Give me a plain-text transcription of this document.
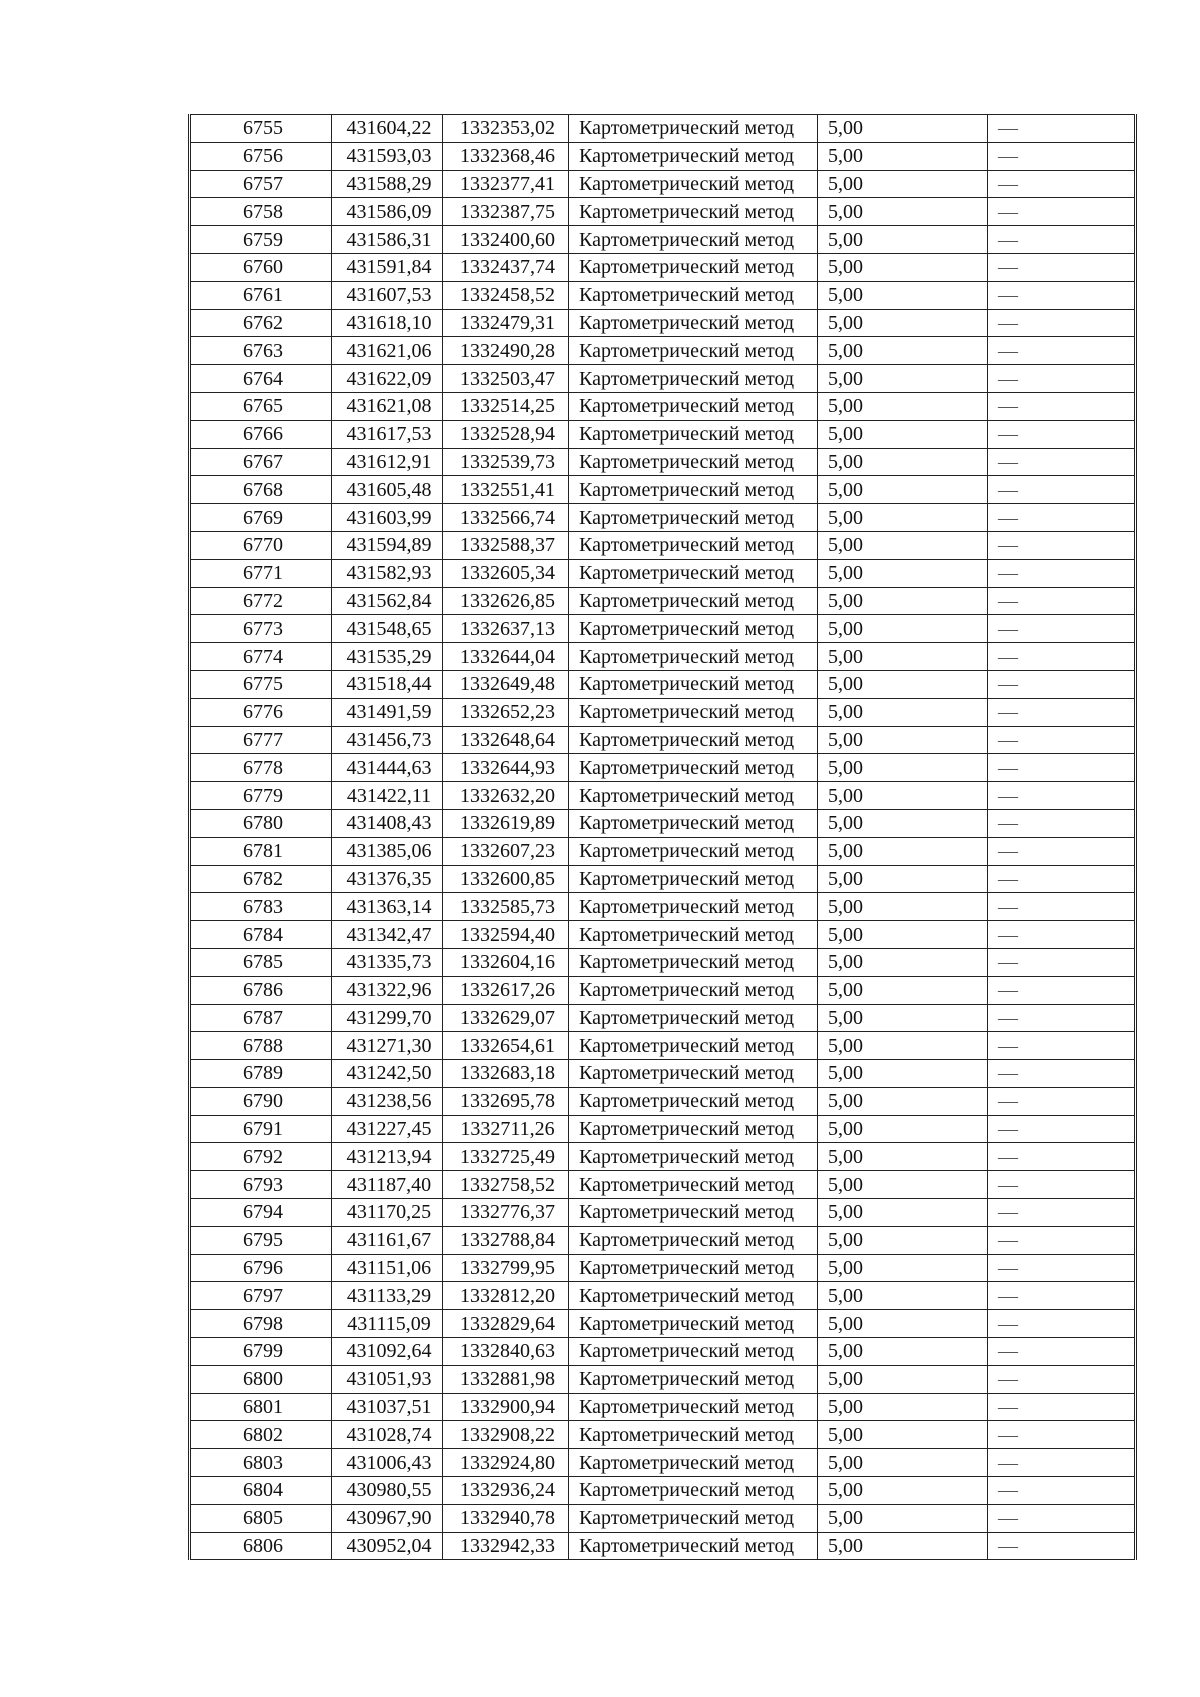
6755	431604,22	1332353,02	Картометрический метод	5,00	—
6756	431593,03	1332368,46	Картометрический метод	5,00	—
6757	431588,29	1332377,41	Картометрический метод	5,00	—
6758	431586,09	1332387,75	Картометрический метод	5,00	—
6759	431586,31	1332400,60	Картометрический метод	5,00	—
6760	431591,84	1332437,74	Картометрический метод	5,00	—
6761	431607,53	1332458,52	Картометрический метод	5,00	—
6762	431618,10	1332479,31	Картометрический метод	5,00	—
6763	431621,06	1332490,28	Картометрический метод	5,00	—
6764	431622,09	1332503,47	Картометрический метод	5,00	—
6765	431621,08	1332514,25	Картометрический метод	5,00	—
6766	431617,53	1332528,94	Картометрический метод	5,00	—
6767	431612,91	1332539,73	Картометрический метод	5,00	—
6768	431605,48	1332551,41	Картометрический метод	5,00	—
6769	431603,99	1332566,74	Картометрический метод	5,00	—
6770	431594,89	1332588,37	Картометрический метод	5,00	—
6771	431582,93	1332605,34	Картометрический метод	5,00	—
6772	431562,84	1332626,85	Картометрический метод	5,00	—
6773	431548,65	1332637,13	Картометрический метод	5,00	—
6774	431535,29	1332644,04	Картометрический метод	5,00	—
6775	431518,44	1332649,48	Картометрический метод	5,00	—
6776	431491,59	1332652,23	Картометрический метод	5,00	—
6777	431456,73	1332648,64	Картометрический метод	5,00	—
6778	431444,63	1332644,93	Картометрический метод	5,00	—
6779	431422,11	1332632,20	Картометрический метод	5,00	—
6780	431408,43	1332619,89	Картометрический метод	5,00	—
6781	431385,06	1332607,23	Картометрический метод	5,00	—
6782	431376,35	1332600,85	Картометрический метод	5,00	—
6783	431363,14	1332585,73	Картометрический метод	5,00	—
6784	431342,47	1332594,40	Картометрический метод	5,00	—
6785	431335,73	1332604,16	Картометрический метод	5,00	—
6786	431322,96	1332617,26	Картометрический метод	5,00	—
6787	431299,70	1332629,07	Картометрический метод	5,00	—
6788	431271,30	1332654,61	Картометрический метод	5,00	—
6789	431242,50	1332683,18	Картометрический метод	5,00	—
6790	431238,56	1332695,78	Картометрический метод	5,00	—
6791	431227,45	1332711,26	Картометрический метод	5,00	—
6792	431213,94	1332725,49	Картометрический метод	5,00	—
6793	431187,40	1332758,52	Картометрический метод	5,00	—
6794	431170,25	1332776,37	Картометрический метод	5,00	—
6795	431161,67	1332788,84	Картометрический метод	5,00	—
6796	431151,06	1332799,95	Картометрический метод	5,00	—
6797	431133,29	1332812,20	Картометрический метод	5,00	—
6798	431115,09	1332829,64	Картометрический метод	5,00	—
6799	431092,64	1332840,63	Картометрический метод	5,00	—
6800	431051,93	1332881,98	Картометрический метод	5,00	—
6801	431037,51	1332900,94	Картометрический метод	5,00	—
6802	431028,74	1332908,22	Картометрический метод	5,00	—
6803	431006,43	1332924,80	Картометрический метод	5,00	—
6804	430980,55	1332936,24	Картометрический метод	5,00	—
6805	430967,90	1332940,78	Картометрический метод	5,00	—
6806	430952,04	1332942,33	Картометрический метод	5,00	—
